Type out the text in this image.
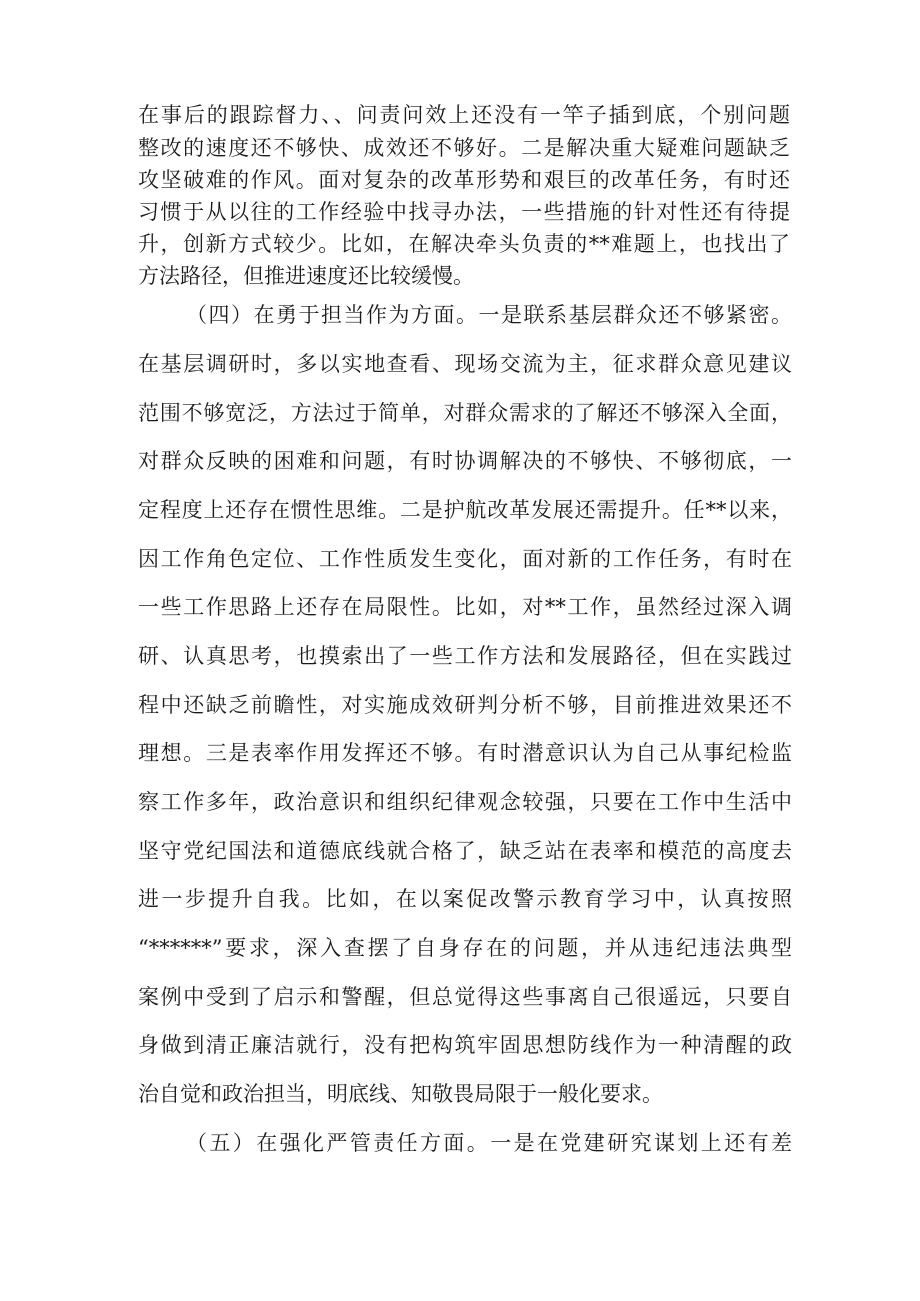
在事后的跟踪督力、、问责问效上还没有一竿子插到底，个别问题
整改的速度还不够快、成效还不够好。二是解决重大疑难问题缺乏
攻坚破难的作风。面对复杂的改革形势和艰巨的改革任务，有时还
习惯于从以往的工作经验中找寻办法，一些措施的针对性还有待提
升，创新方式较少。比如，在解决牵头负责的**难题上，也找出了
方法路径，但推进速度还比较缓慢。
（四）在勇于担当作为方面。一是联系基层群众还不够紧密。
在基层调研时，多以实地查看、现场交流为主，征求群众意见建议
范围不够宽泛，方法过于简单，对群众需求的了解还不够深入全面，
对群众反映的困难和问题，有时协调解决的不够快、不够彻底，一
定程度上还存在惯性思维。二是护航改革发展还需提升。任**以来，
因工作角色定位、工作性质发生变化，面对新的工作任务，有时在
一些工作思路上还存在局限性。比如，对**工作，虽然经过深入调
研、认真思考，也摸索出了一些工作方法和发展路径，但在实践过
程中还缺乏前瞻性，对实施成效研判分析不够，目前推进效果还不
理想。三是表率作用发挥还不够。有时潜意识认为自己从事纪检监
察工作多年，政治意识和组织纪律观念较强，只要在工作中生活中
坚守党纪国法和道德底线就合格了，缺乏站在表率和模范的高度去
进一步提升自我。比如，在以案促改警示教育学习中，认真按照
“******”要求，深入查摆了自身存在的问题，并从违纪违法典型
案例中受到了启示和警醒，但总觉得这些事离自己很遥远，只要自
身做到清正廉洁就行，没有把构筑牢固思想防线作为一种清醒的政
治自觉和政治担当，明底线、知敬畏局限于一般化要求。
（五）在强化严管责任方面。一是在党建研究谋划上还有差
